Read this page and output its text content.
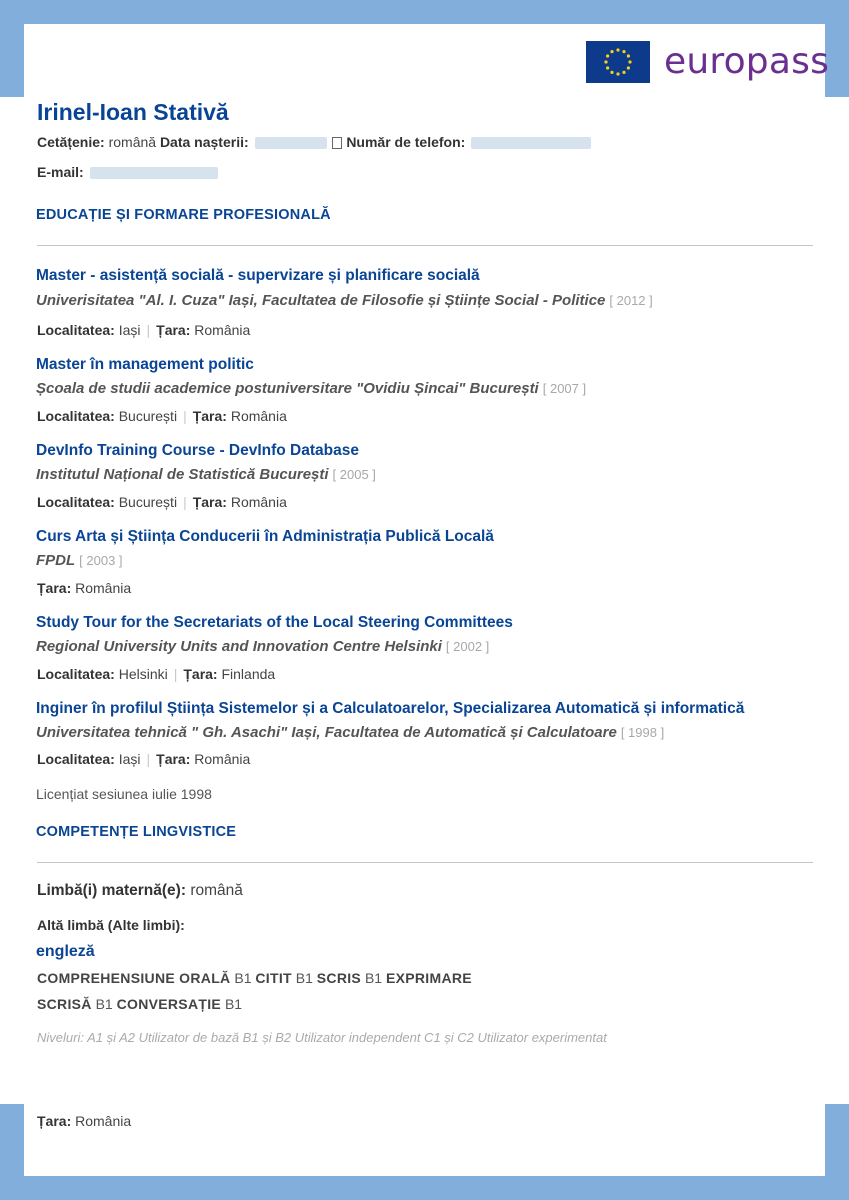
europass
Irinel-Ioan Stativă
Cetățenie: română Data nașterii:	Număr de telefon:
E-mail:
EDUCAȚIE ȘI FORMARE PROFESIONALĂ
Master - asistență socială - supervizare și planificare socială
Univerisitatea "Al. I. Cuza" Iași, Facultatea de Filosofie și Științe Social - Politice [ 2012 ]
Localitatea: Iași | Țara: România
Master în management politic
Școala de studii academice postuniversitare "Ovidiu Șincai" București [ 2007 ]
Localitatea: București | Țara: România
DevInfo Training Course - DevInfo Database
Institutul Național de Statistică București [ 2005 ]
Localitatea: București | Țara: România
Curs Arta și Știința Conducerii în Administrația Publică Locală
FPDL [ 2003 ]
Țara: România
Study Tour for the Secretariats of the Local Steering Committees
Regional University Units and Innovation Centre Helsinki [ 2002 ]
Localitatea: Helsinki | Țara: Finlanda
Inginer în profilul Știința Sistemelor și a Calculatoarelor, Specializarea Automatică și informatică
Universitatea tehnică " Gh. Asachi" Iași, Facultatea de Automatică și Calculatoare [ 1998 ]
Localitatea: Iași | Țara: România
Licențiat sesiunea iulie 1998
COMPETENȚE LINGVISTICE
Limbă(i) maternă(e): română
Altă limbă (Alte limbi):
engleză
COMPREHENSIUNE ORALĂ B1 CITIT B1 SCRIS B1 EXPRIMARE
SCRISĂ B1 CONVERSAȚIE B1
Niveluri: A1 și A2 Utilizator de bază B1 și B2 Utilizator independent C1 și C2 Utilizator experimentat
Țara: România
